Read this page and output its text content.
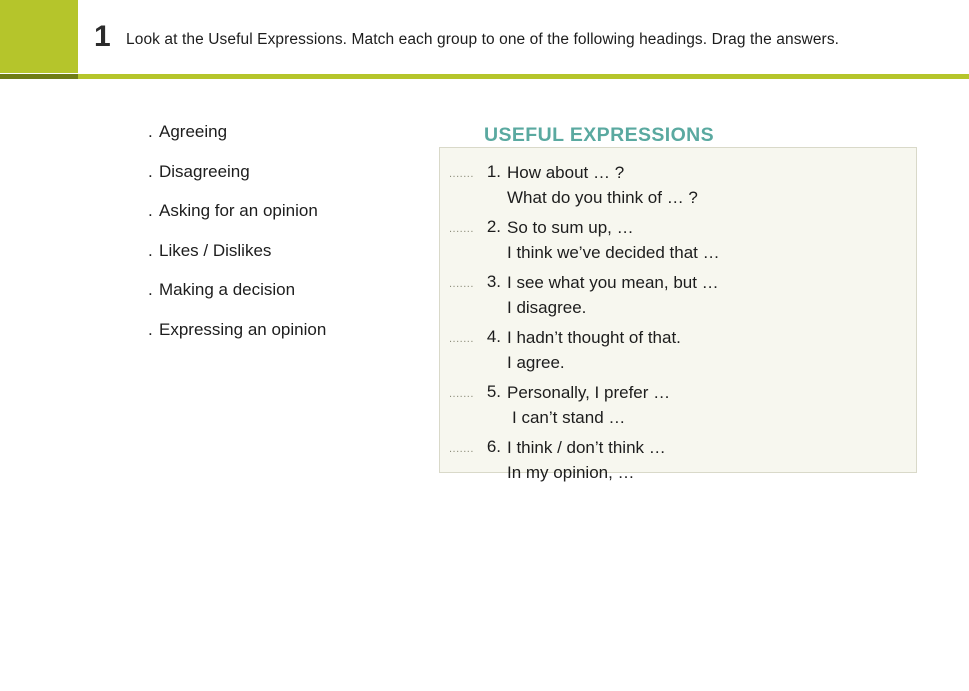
1 Look at the Useful Expressions. Match each group to one of the following headings. Drag the answers.
. Agreeing
. Disagreeing
. Asking for an opinion
. Likes / Dislikes
. Making a decision
. Expressing an opinion
USEFUL EXPRESSIONS
....... 1. How about … ?
What do you think of … ?
....... 2. So to sum up, …
I think we’ve decided that …
....... 3. I see what you mean, but …
I disagree.
....... 4. I hadn’t thought of that.
I agree.
....... 5. Personally, I prefer …
I can’t stand …
....... 6. I think / don’t think …
In my opinion, …
